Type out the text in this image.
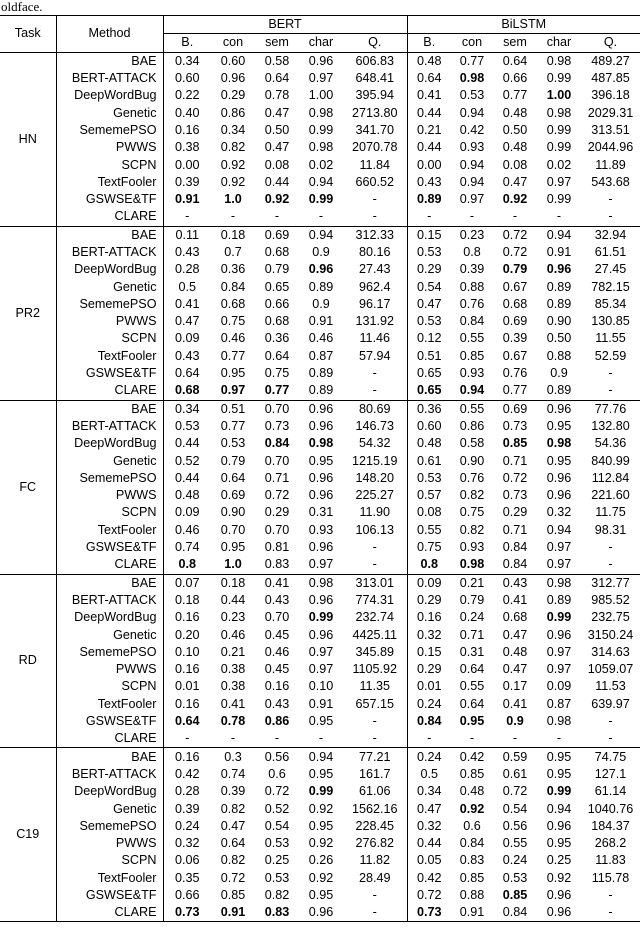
oldface.
Task	Method	BERT					BiLSTM				
		B.	con	sem	char	Q.	B.	con	sem	char	Q.
HN	BAE	0.34	0.60	0.58	0.96	606.83	0.48	0.77	0.64	0.98	489.27
	BERT-ATTACK	0.60	0.96	0.64	0.97	648.41	0.64	0.98	0.66	0.99	487.85
	DeepWordBug	0.22	0.29	0.78	1.00	395.94	0.41	0.53	0.77	1.00	396.18
	Genetic	0.40	0.86	0.47	0.98	2713.80	0.44	0.94	0.48	0.98	2029.31
	SememePSO	0.16	0.34	0.50	0.99	341.70	0.21	0.42	0.50	0.99	313.51
	PWWS	0.38	0.82	0.47	0.98	2070.78	0.44	0.93	0.48	0.99	2044.96
	SCPN	0.00	0.92	0.08	0.02	11.84	0.00	0.94	0.08	0.02	11.89
	TextFooler	0.39	0.92	0.44	0.94	660.52	0.43	0.94	0.47	0.97	543.68
	GSWSE&TF	0.91	1.0	0.92	0.99	-	0.89	0.97	0.92	0.99	-
	CLARE	-	-	-	-	-	-	-	-	-	-
PR2	BAE	0.11	0.18	0.69	0.94	312.33	0.15	0.23	0.72	0.94	32.94
	BERT-ATTACK	0.43	0.7	0.68	0.9	80.16	0.53	0.8	0.72	0.91	61.51
	DeepWordBug	0.28	0.36	0.79	0.96	27.43	0.29	0.39	0.79	0.96	27.45
	Genetic	0.5	0.84	0.65	0.89	962.4	0.54	0.88	0.67	0.89	782.15
	SememePSO	0.41	0.68	0.66	0.9	96.17	0.47	0.76	0.68	0.89	85.34
	PWWS	0.47	0.75	0.68	0.91	131.92	0.53	0.84	0.69	0.90	130.85
	SCPN	0.09	0.46	0.36	0.46	11.46	0.12	0.55	0.39	0.50	11.55
	TextFooler	0.43	0.77	0.64	0.87	57.94	0.51	0.85	0.67	0.88	52.59
	GSWSE&TF	0.64	0.95	0.75	0.89	-	0.65	0.93	0.76	0.9	-
	CLARE	0.68	0.97	0.77	0.89	-	0.65	0.94	0.77	0.89	-
FC	BAE	0.34	0.51	0.70	0.96	80.69	0.36	0.55	0.69	0.96	77.76
	BERT-ATTACK	0.53	0.77	0.73	0.96	146.73	0.60	0.86	0.73	0.95	132.80
	DeepWordBug	0.44	0.53	0.84	0.98	54.32	0.48	0.58	0.85	0.98	54.36
	Genetic	0.52	0.79	0.70	0.95	1215.19	0.61	0.90	0.71	0.95	840.99
	SememePSO	0.44	0.64	0.71	0.96	148.20	0.53	0.76	0.72	0.96	112.84
	PWWS	0.48	0.69	0.72	0.96	225.27	0.57	0.82	0.73	0.96	221.60
	SCPN	0.09	0.90	0.29	0.31	11.90	0.08	0.75	0.29	0.32	11.75
	TextFooler	0.46	0.70	0.70	0.93	106.13	0.55	0.82	0.71	0.94	98.31
	GSWSE&TF	0.74	0.95	0.81	0.96	-	0.75	0.93	0.84	0.97	-
	CLARE	0.8	1.0	0.83	0.97	-	0.8	0.98	0.84	0.97	-
RD	BAE	0.07	0.18	0.41	0.98	313.01	0.09	0.21	0.43	0.98	312.77
	BERT-ATTACK	0.18	0.44	0.43	0.96	774.31	0.29	0.79	0.41	0.89	985.52
	DeepWordBug	0.16	0.23	0.70	0.99	232.74	0.16	0.24	0.68	0.99	232.75
	Genetic	0.20	0.46	0.45	0.96	4425.11	0.32	0.71	0.47	0.96	3150.24
	SememePSO	0.10	0.21	0.46	0.97	345.89	0.15	0.31	0.48	0.97	314.63
	PWWS	0.16	0.38	0.45	0.97	1105.92	0.29	0.64	0.47	0.97	1059.07
	SCPN	0.01	0.38	0.16	0.10	11.35	0.01	0.55	0.17	0.09	11.53
	TextFooler	0.16	0.41	0.43	0.91	657.15	0.24	0.64	0.41	0.87	639.97
	GSWSE&TF	0.64	0.78	0.86	0.95	-	0.84	0.95	0.9	0.98	-
	CLARE	-	-	-	-	-	-	-	-	-	-
C19	BAE	0.16	0.3	0.56	0.94	77.21	0.24	0.42	0.59	0.95	74.75
	BERT-ATTACK	0.42	0.74	0.6	0.95	161.7	0.5	0.85	0.61	0.95	127.1
	DeepWordBug	0.28	0.39	0.72	0.99	61.06	0.34	0.48	0.72	0.99	61.14
	Genetic	0.39	0.82	0.52	0.92	1562.16	0.47	0.92	0.54	0.94	1040.76
	SememePSO	0.24	0.47	0.54	0.95	228.45	0.32	0.6	0.56	0.96	184.37
	PWWS	0.32	0.64	0.53	0.92	276.82	0.44	0.84	0.55	0.95	268.2
	SCPN	0.06	0.82	0.25	0.26	11.82	0.05	0.83	0.24	0.25	11.83
	TextFooler	0.35	0.72	0.53	0.92	28.49	0.42	0.85	0.53	0.92	115.78
	GSWSE&TF	0.66	0.85	0.82	0.95	-	0.72	0.88	0.85	0.96	-
	CLARE	0.73	0.91	0.83	0.96	-	0.73	0.91	0.84	0.96	-
